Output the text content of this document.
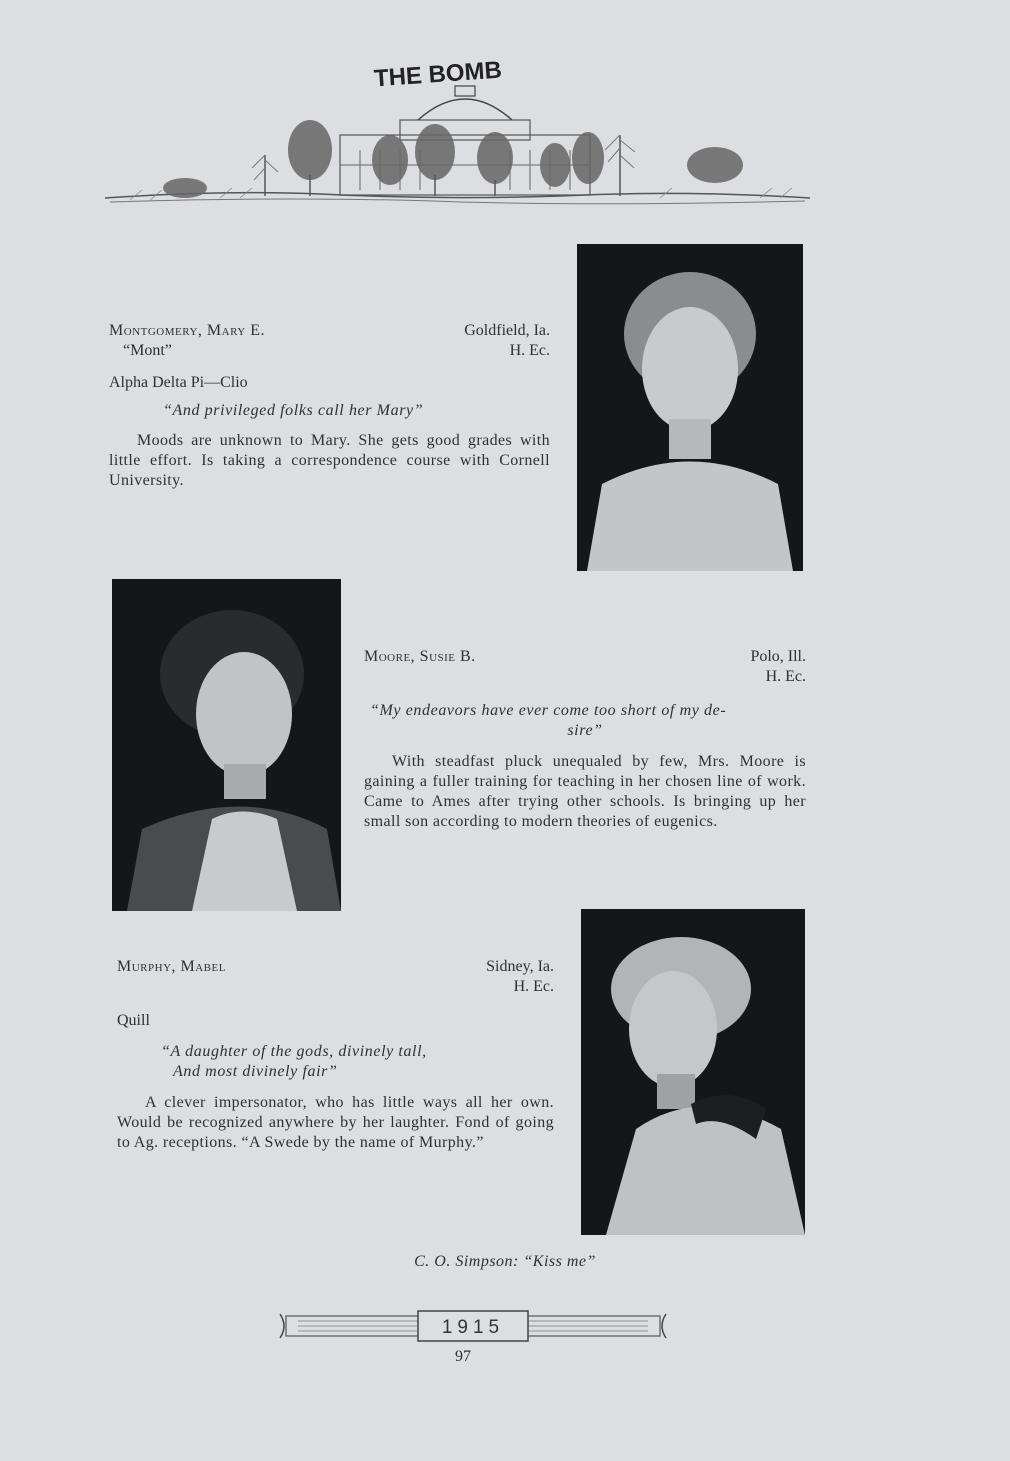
THE BOMB
Montgomery, Mary E.	Goldfield, Ia.
“Mont”	H. Ec.
Alpha Delta Pi—Clio
“And privileged folks call her Mary”
Moods are unknown to Mary. She gets good grades with little effort. Is taking a correspondence course with Cornell University.
Moore, Susie B.	Polo, Ill.
H. Ec.
“My endeavors have ever come too short of my de-
sire”
With steadfast pluck unequaled by few, Mrs. Moore is gaining a fuller training for teaching in her chosen line of work. Came to Ames after trying other schools. Is bringing up her small son according to modern theories of eugenics.
Murphy, Mabel	Sidney, Ia.
H. Ec.
Quill
“A daughter of the gods, divinely tall,
And most divinely fair”
A clever impersonator, who has little ways all her own. Would be recognized anywhere by her laughter. Fond of going to Ag. receptions. “A Swede by the name of Murphy.”
C. O. Simpson: “Kiss me”
1915
97
